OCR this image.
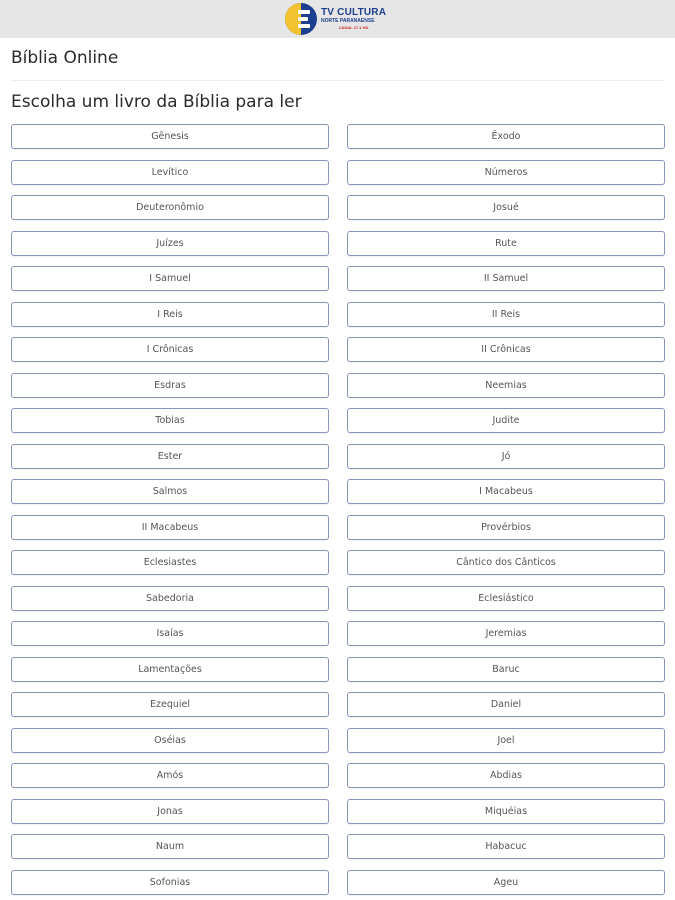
TV CULTURA
NORTE PARANAENSE
CANAL 27.1 HD
Bíblia Online
Escolha um livro da Bíblia para ler
Gênesis	Êxodo
Levítico	Números
Deuteronômio	Josué
Juízes	Rute
I Samuel	II Samuel
I Reis	II Reis
I Crônicas	II Crônicas
Esdras	Neemias
Tobias	Judite
Ester	Jó
Salmos	I Macabeus
II Macabeus	Provérbios
Eclesiastes	Cântico dos Cânticos
Sabedoria	Eclesiástico
Isaías	Jeremias
Lamentações	Baruc
Ezequiel	Daniel
Oséias	Joel
Amós	Abdias
Jonas	Miquéias
Naum	Habacuc
Sofonias	Ageu
